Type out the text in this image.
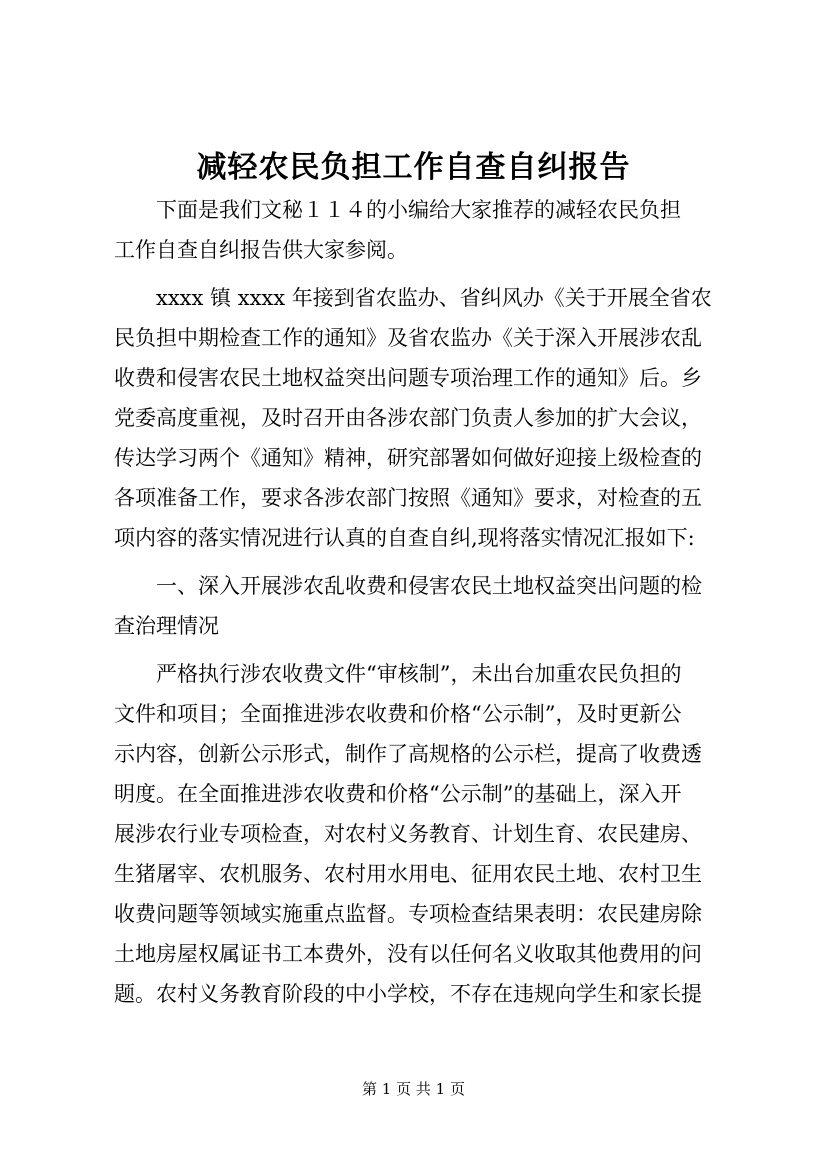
减轻农民负担工作自查自纠报告
下面是我们文秘１１４的小编给大家推荐的减轻农民负担
工作自查自纠报告供大家参阅。
xxxx 镇 xxxx 年接到省农监办、省纠风办《关于开展全省农
民负担中期检查工作的通知》及省农监办《关于深入开展涉农乱
收费和侵害农民土地权益突出问题专项治理工作的通知》后。乡
党委高度重视，及时召开由各涉农部门负责人参加的扩大会议，
传达学习两个《通知》精神，研究部署如何做好迎接上级检查的
各项准备工作，要求各涉农部门按照《通知》要求，对检查的五
项内容的落实情况进行认真的自查自纠,现将落实情况汇报如下:
一、深入开展涉农乱收费和侵害农民土地权益突出问题的检
查治理情况
严格执行涉农收费文件“审核制”，未出台加重农民负担的
文件和项目；全面推进涉农收费和价格“公示制”，及时更新公
示内容，创新公示形式，制作了高规格的公示栏，提高了收费透
明度。在全面推进涉农收费和价格“公示制”的基础上，深入开
展涉农行业专项检查，对农村义务教育、计划生育、农民建房、
生猪屠宰、农机服务、农村用水用电、征用农民土地、农村卫生
收费问题等领域实施重点监督。专项检查结果表明：农民建房除
土地房屋权属证书工本费外，没有以任何名义收取其他费用的问
题。农村义务教育阶段的中小学校，不存在违规向学生和家长提
第 1 页 共 1 页
